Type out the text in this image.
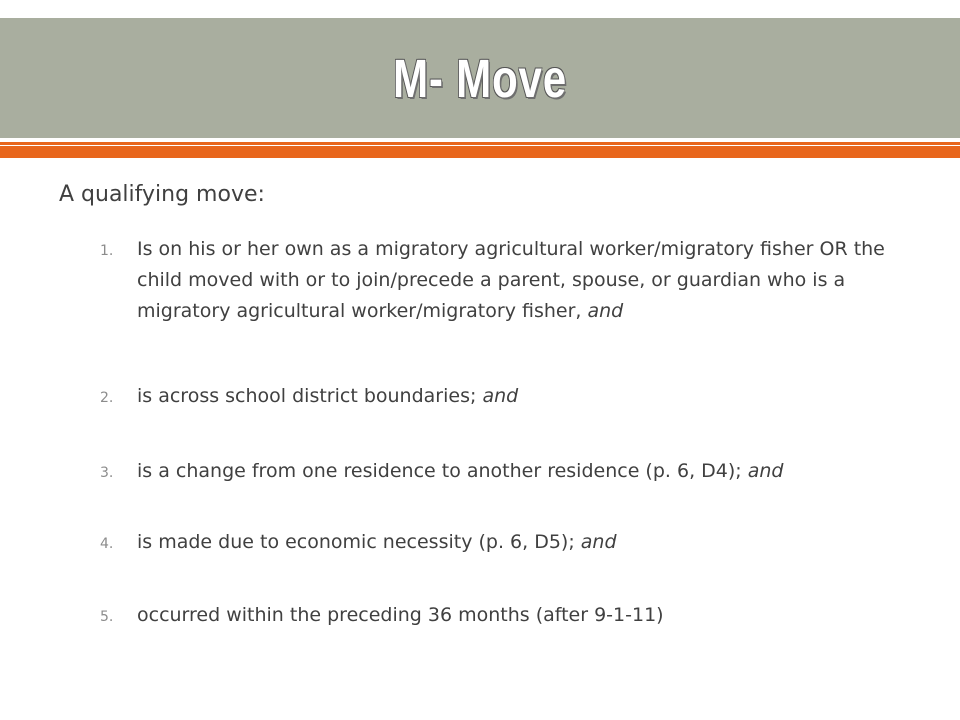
M- Move
A qualifying move:
1.	Is on his or her own as a migratory agricultural worker/migratory fisher OR the child moved with or to join/precede a parent, spouse, or guardian who is a migratory agricultural worker/migratory fisher, and
2.	is across school district boundaries; and
3.	is a change from one residence to another residence (p. 6, D4); and
4.	is made due to economic necessity (p. 6, D5); and
5.	occurred within the preceding 36 months (after 9-1-11)
